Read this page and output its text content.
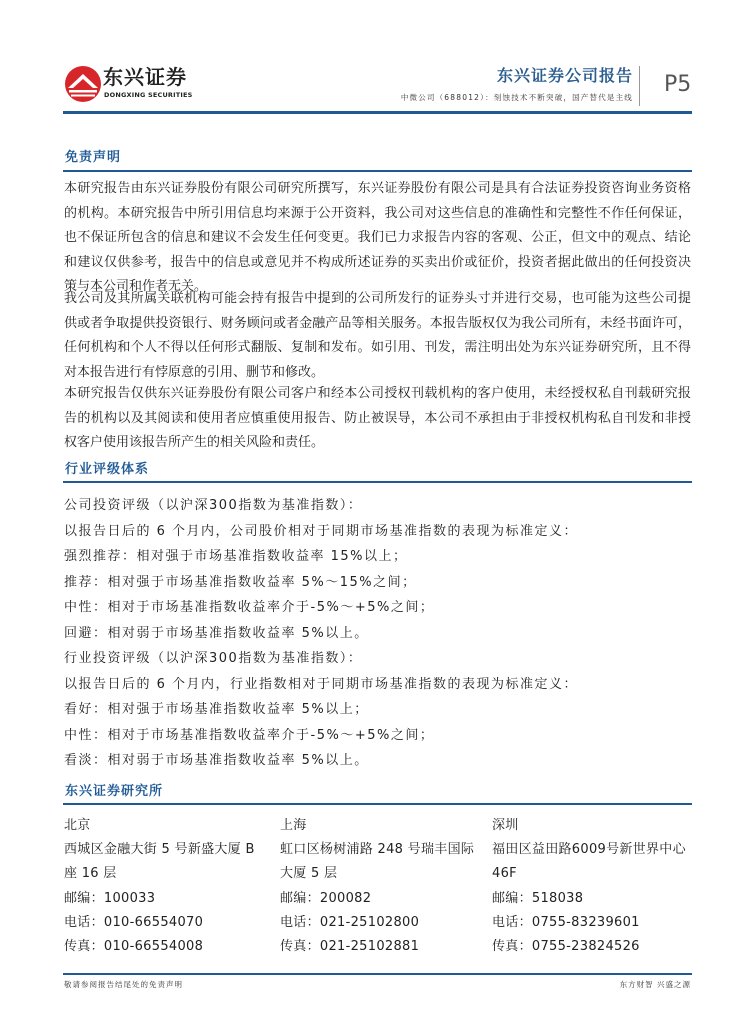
东兴证券
DONGXING SECURITIES
东兴证券公司报告
中微公司（688012）：刻蚀技术不断突破，国产替代是主线
P5
免责声明
本研究报告由东兴证券股份有限公司研究所撰写，东兴证券股份有限公司是具有合法证券投资咨询业务资格
的机构。本研究报告中所引用信息均来源于公开资料，我公司对这些信息的准确性和完整性不作任何保证，
也不保证所包含的信息和建议不会发生任何变更。我们已力求报告内容的客观、公正，但文中的观点、结论
和建议仅供参考，报告中的信息或意见并不构成所述证券的买卖出价或征价，投资者据此做出的任何投资决
策与本公司和作者无关。
我公司及其所属关联机构可能会持有报告中提到的公司所发行的证券头寸并进行交易，也可能为这些公司提
供或者争取提供投资银行、财务顾问或者金融产品等相关服务。本报告版权仅为我公司所有，未经书面许可，
任何机构和个人不得以任何形式翻版、复制和发布。如引用、刊发，需注明出处为东兴证券研究所，且不得
对本报告进行有悖原意的引用、删节和修改。
本研究报告仅供东兴证券股份有限公司客户和经本公司授权刊载机构的客户使用，未经授权私自刊载研究报
告的机构以及其阅读和使用者应慎重使用报告、防止被误导，本公司不承担由于非授权机构私自刊发和非授
权客户使用该报告所产生的相关风险和责任。
行业评级体系
公司投资评级（以沪深300指数为基准指数）：
以报告日后的 6 个月内，公司股价相对于同期市场基准指数的表现为标准定义：
强烈推荐：相对强于市场基准指数收益率 15%以上；
推荐：相对强于市场基准指数收益率 5%～15%之间；
中性：相对于市场基准指数收益率介于-5%～+5%之间；
回避：相对弱于市场基准指数收益率 5%以上。
行业投资评级（以沪深300指数为基准指数）：
以报告日后的 6 个月内，行业指数相对于同期市场基准指数的表现为标准定义：
看好：相对强于市场基准指数收益率 5%以上；
中性：相对于市场基准指数收益率介于-5%～+5%之间；
看淡：相对弱于市场基准指数收益率 5%以上。
东兴证券研究所
北京
西城区金融大街 5 号新盛大厦 B
座 16 层
邮编：100033
电话：010-66554070
传真：010-66554008
上海
虹口区杨树浦路 248 号瑞丰国际
大厦 5 层
邮编：200082
电话：021-25102800
传真：021-25102881
深圳
福田区益田路6009号新世界中心
46F
邮编：518038
电话：0755-83239601
传真：0755-23824526
敬请参阅报告结尾处的免责声明	东方财智 兴盛之源
